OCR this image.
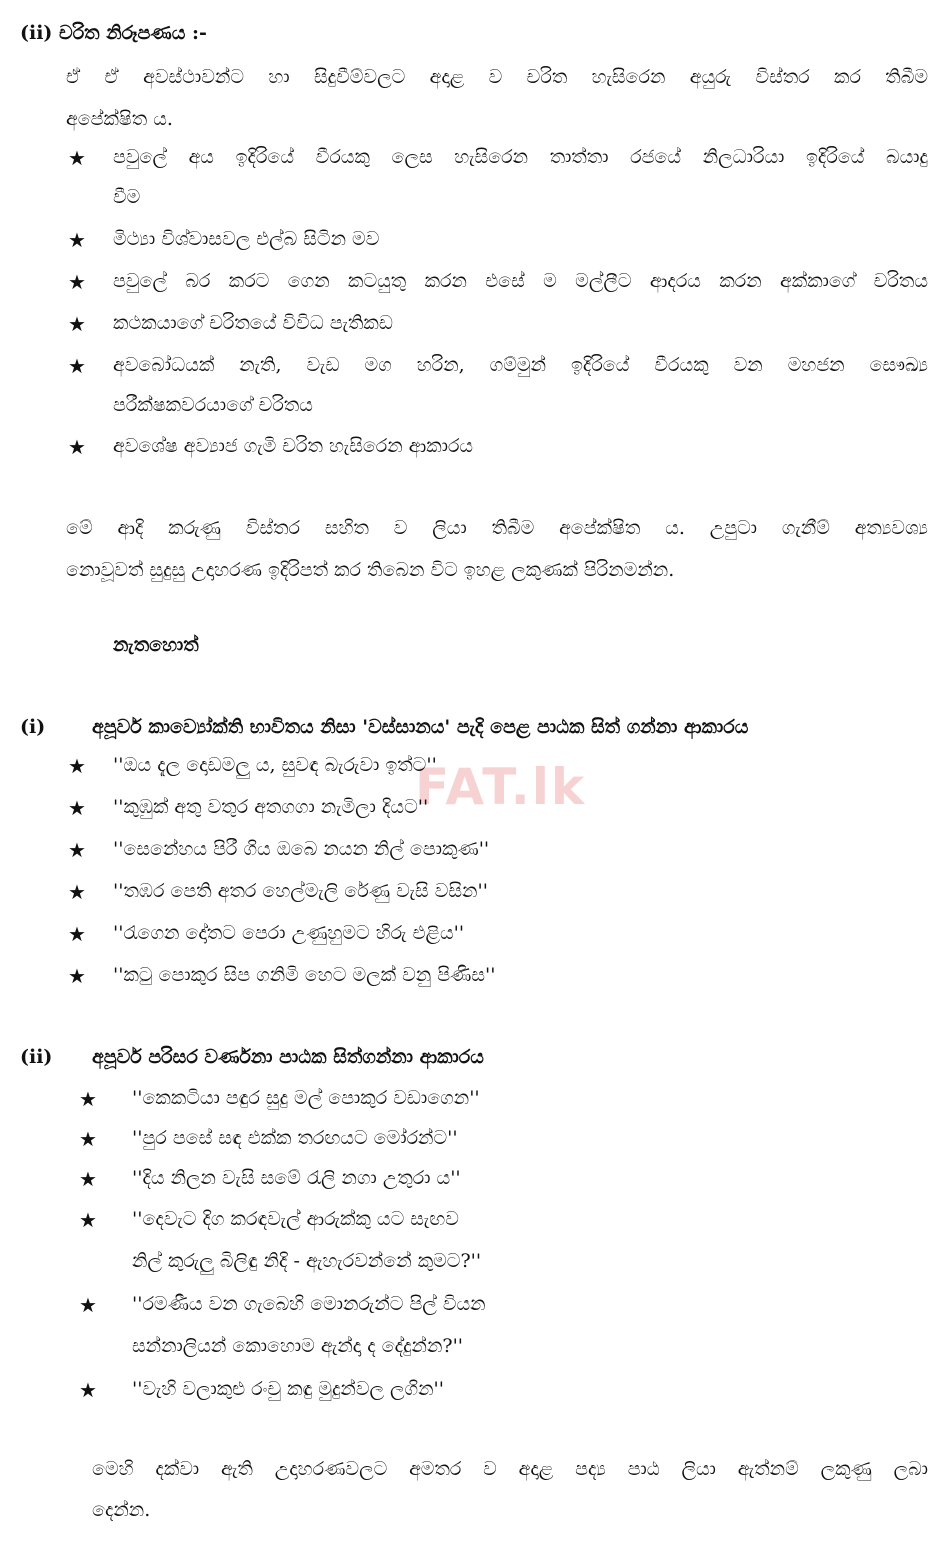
FAT.lk
(ii) චරිත නිරූපණය :-
ඒ ඒ අවස්ථාවන්ට හා සිදුවීම්වලට අදාළ ව චරිත හැසිරෙන අයුරු විස්තර කර තිබීම
අපේක්ෂිත ය.
★ පවුලේ අය ඉදිරියේ වීරයකු ලෙස හැසිරෙන තාත්තා රජයේ නිලධාරියා ඉදිරියේ බයාදු
වීම
★ මිථ්‍යා විශ්වාසවල එල්බ සිටින මව
★ පවුලේ බර කරට ගෙන කටයුතු කරන එසේ ම මල්ලීට ආදරය කරන අක්කාගේ චරිතය
★ කථකයාගේ චරිතයේ විවිධ පැතිකඩ
★ අවබෝධයක් නැති, වැඩ මග හරින, ගම්මුන් ඉදිරියේ වීරයකු වන මහජන සෞඛ්‍ය
පරීක්ෂකවරයාගේ චරිතය
★ අවශේෂ අව්‍යාජ ගැමි චරිත හැසිරෙන ආකාරය
මේ ආදි කරුණු විස්තර සහිත ව ලියා තිබීම අපේක්ෂිත ය. උපුටා ගැනීම් අත්‍යවශ්‍ය
නොවූවත් සුදුසු උදාහරණ ඉදිරිපත් කර තිබෙන විට ඉහළ ලකුණක් පිරිනමන්න.
නැතහොත්
(i) අපූර්ව කාව්‍යෝක්ති භාවිතය නිසා 'වස්සානය' පැදි පෙළ පාඨක සිත් ගන්නා ආකාරය
★ ''ඔය දැල දොඩමලු ය, සුවඳ බැරුවා ඉත්ට''
★ ''කුඹුක් අතු වතුර අතගගා නැමිලා දියට''
★ ''සෙනේහය පිරී ගිය ඔබෙ නයන නිල් පොකුණ''
★ ''තඹර පෙති අතර හෙල්මැලි රේණු වැසි වසින''
★ ''රැගෙන දෝතට පෙරා උණුහුමට හිරු එළිය''
★ ''කටු පොකුර සිප ගනිමි හෙට මලක් වනු පිණිස''
(ii) අපූර්ව පරිසර වර්ණනා පාඨක සිත්ගන්නා ආකාරය
★ ''කෙකටියා පඳුර සුදු මල් පොකුර වඩාගෙන''
★ ''පුර පසේ සඳ එක්ක තරඟයට මෝරන්ට''
★ ''දිය නිලන වැසි සමේ රැලි නගා උතුරා ය''
★ ''දෙවැට දිග කරඳවැල් ආරුක්කු යට සැඟව
නිල් කුරුලු බිලිඳු නිදි - ඇහැරවන්නේ කුමට?''
★ ''රමණීය වන ගැබෙහි මොනරුන්ට පිල් වියන
සන්නාලියන් කොහොම ඇන්දා ද දේදුන්න?''
★ ''වැහි වලාකුළු රංචු කඳු මුදුන්වල ලගින''
මෙහි දක්වා ඇති උදාහරණවලට අමතර ව අදාළ පද්‍ය පාඨ ලියා ඇත්නම් ලකුණු ලබා
දෙන්න.
